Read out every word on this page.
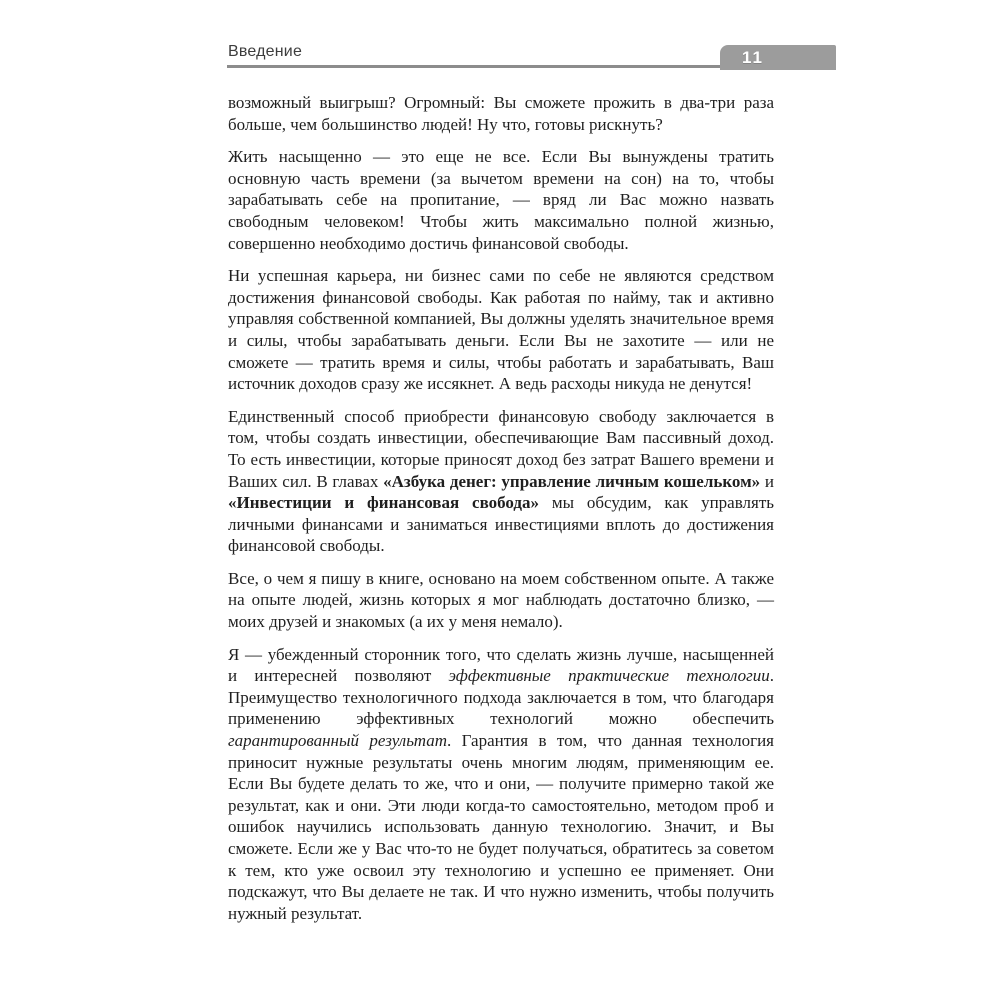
Введение	11

возможный выигрыш? Огромный: Вы сможете прожить в два-три раза больше, чем большинство людей! Ну что, готовы рискнуть?

Жить насыщенно — это еще не все. Если Вы вынуждены тратить основную часть времени (за вычетом времени на сон) на то, чтобы зарабатывать себе на пропитание, — вряд ли Вас можно назвать свободным человеком! Чтобы жить максимально полной жизнью, совершенно необходимо достичь финансовой свободы.

Ни успешная карьера, ни бизнес сами по себе не являются средством достижения финансовой свободы. Как работая по найму, так и активно управляя собственной компанией, Вы должны уделять значительное время и силы, чтобы зарабатывать деньги. Если Вы не захотите — или не сможете — тратить время и силы, чтобы работать и зарабатывать, Ваш источник доходов сразу же иссякнет. А ведь расходы никуда не денутся!

Единственный способ приобрести финансовую свободу заключается в том, чтобы создать инвестиции, обеспечивающие Вам пассивный доход. То есть инвестиции, которые приносят доход без затрат Вашего времени и Ваших сил. В главах «Азбука денег: управление личным кошельком» и «Инвестиции и финансовая свобода» мы обсудим, как управлять личными финансами и заниматься инвестициями вплоть до достижения финансовой свободы.

Все, о чем я пишу в книге, основано на моем собственном опыте. А также на опыте людей, жизнь которых я мог наблюдать достаточно близко, — моих друзей и знакомых (а их у меня немало).

Я — убежденный сторонник того, что сделать жизнь лучше, насыщенней и интересней позволяют эффективные практические технологии. Преимущество технологичного подхода заключается в том, что благодаря применению эффективных технологий можно обеспечить гарантированный результат. Гарантия в том, что данная технология приносит нужные результаты очень многим людям, применяющим ее. Если Вы будете делать то же, что и они, — получите примерно такой же результат, как и они. Эти люди когда-то самостоятельно, методом проб и ошибок научились использовать данную технологию. Значит, и Вы сможете. Если же у Вас что-то не будет получаться, обратитесь за советом к тем, кто уже освоил эту технологию и успешно ее применяет. Они подскажут, что Вы делаете не так. И что нужно изменить, чтобы получить нужный результат.
